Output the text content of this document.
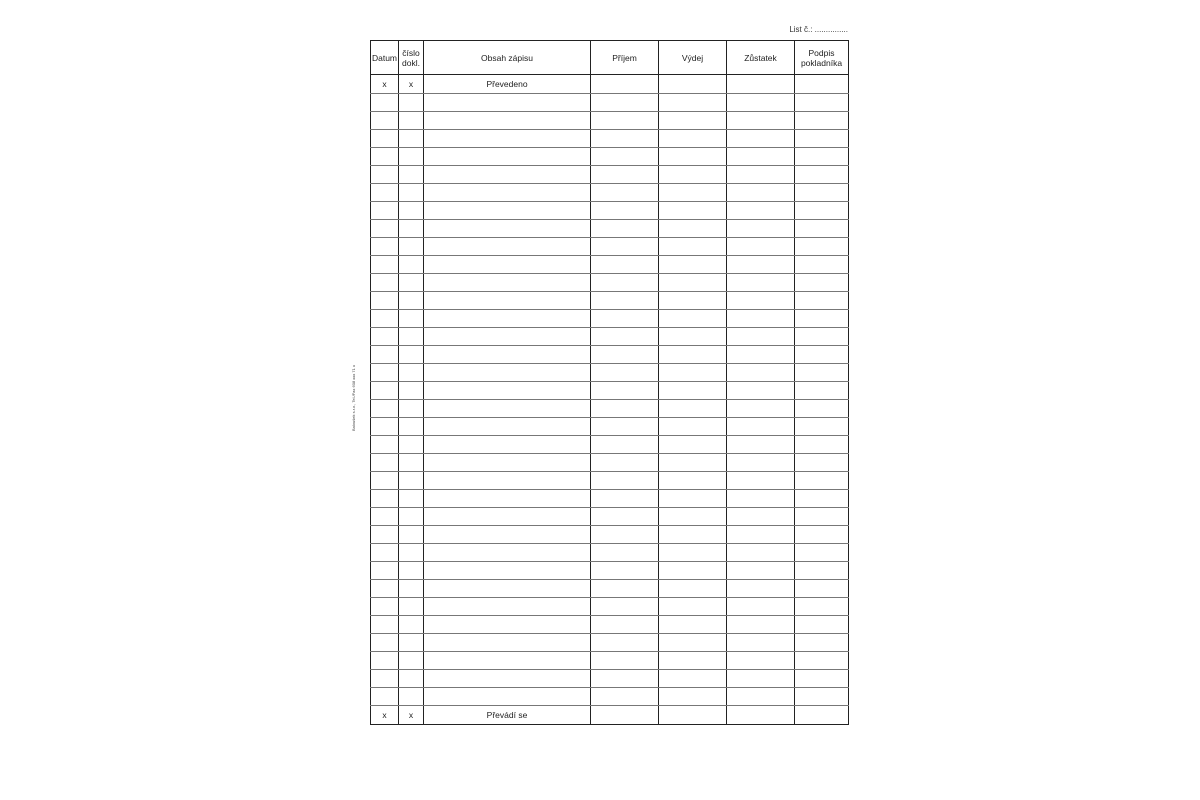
List č.: ...............
Datum	číslo dokl.	Obsah zápisu	Příjem	Výdej	Zůstatek	Podpis pokladníka
x	x	Převedeno				

x	x	Převádí se				
Baloušek s.r.o., Tel./Fax 608 xxx 71 x
